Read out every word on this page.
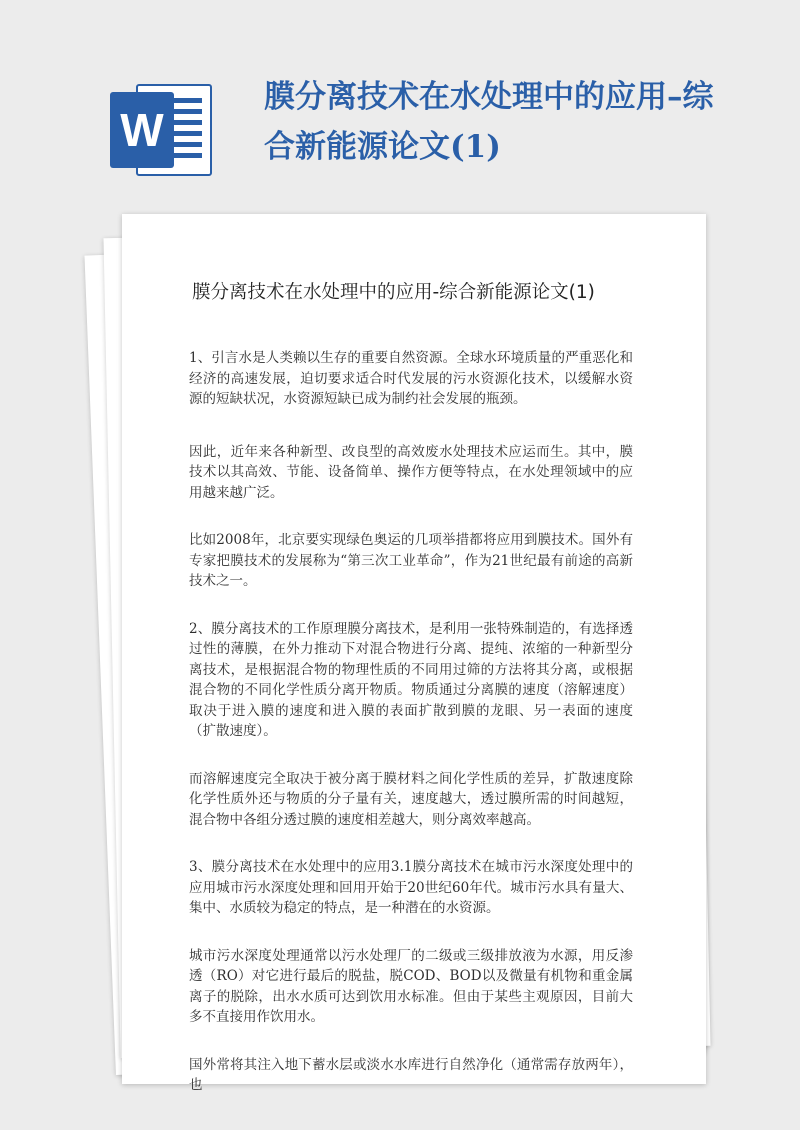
W
膜分离技术在水处理中的应用–综合新能源论文(1)
膜分离技术在水处理中的应用-综合新能源论文(1)

1、引言水是人类赖以生存的重要自然资源。全球水环境质量的严重恶化和经济的高速发展，迫切要求适合时代发展的污水资源化技术，以缓解水资源的短缺状况，水资源短缺已成为制约社会发展的瓶颈。

因此，近年来各种新型、改良型的高效废水处理技术应运而生。其中，膜技术以其高效、节能、设备简单、操作方便等特点，在水处理领域中的应用越来越广泛。

比如2008年，北京要实现绿色奥运的几项举措都将应用到膜技术。国外有专家把膜技术的发展称为“第三次工业革命”，作为21世纪最有前途的高新技术之一。

2、膜分离技术的工作原理膜分离技术，是利用一张特殊制造的，有选择透过性的薄膜，在外力推动下对混合物进行分离、提纯、浓缩的一种新型分离技术，是根据混合物的物理性质的不同用过筛的方法将其分离，或根据混合物的不同化学性质分离开物质。物质通过分离膜的速度（溶解速度）取决于进入膜的速度和进入膜的表面扩散到膜的龙眼、另一表面的速度（扩散速度）。

而溶解速度完全取决于被分离于膜材料之间化学性质的差异，扩散速度除化学性质外还与物质的分子量有关，速度越大，透过膜所需的时间越短，混合物中各组分透过膜的速度相差越大，则分离效率越高。

3、膜分离技术在水处理中的应用3.1膜分离技术在城市污水深度处理中的应用城市污水深度处理和回用开始于20世纪60年代。城市污水具有量大、集中、水质较为稳定的特点，是一种潜在的水资源。

城市污水深度处理通常以污水处理厂的二级或三级排放液为水源，用反渗透（RO）对它进行最后的脱盐，脱COD、BOD以及微量有机物和重金属离子的脱除，出水水质可达到饮用水标准。但由于某些主观原因，目前大多不直接用作饮用水。

国外常将其注入地下蓄水层或淡水水库进行自然净化（通常需存放两年），也
